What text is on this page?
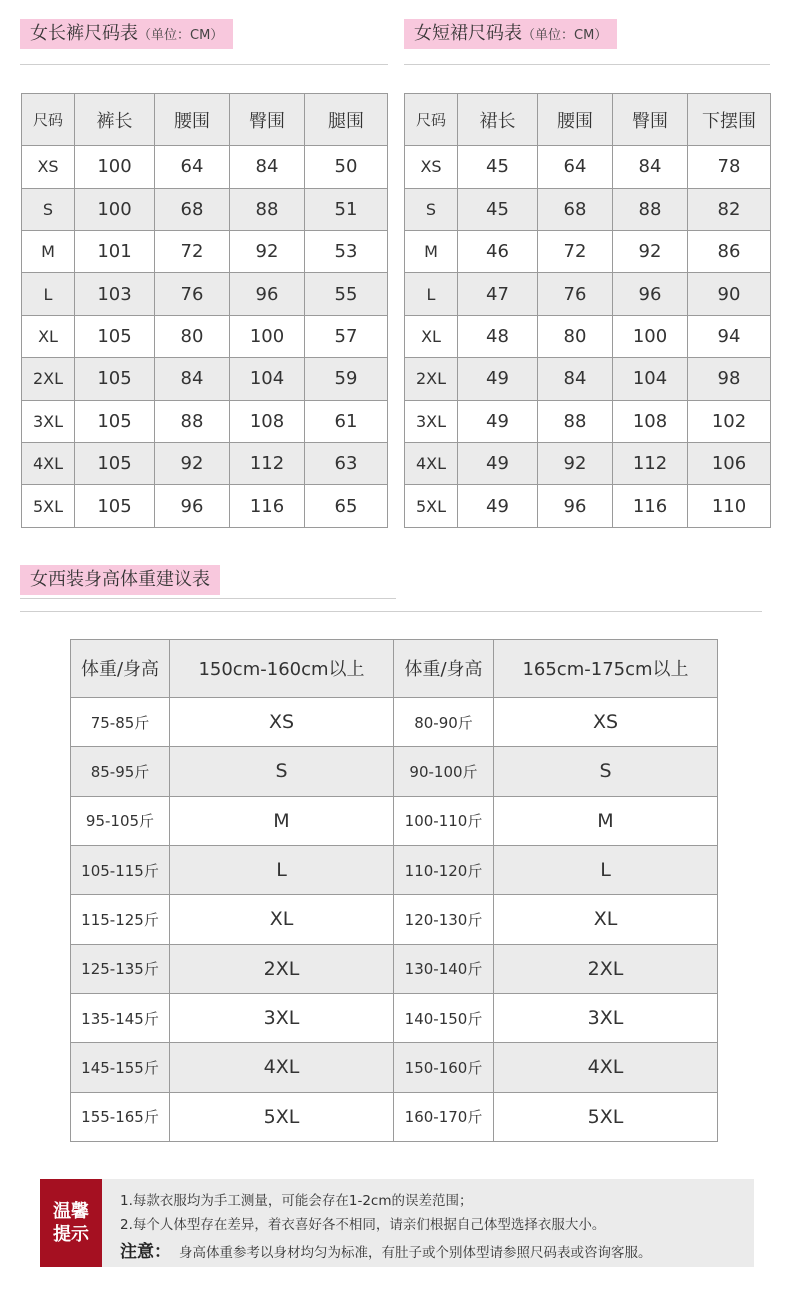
女长裤尺码表（单位：CM）	女短裙尺码表（单位：CM）
尺码	裤长	腰围	臀围	腿围
XS	100	64	84	50
S	100	68	88	51
M	101	72	92	53
L	103	76	96	55
XL	105	80	100	57
2XL	105	84	104	59
3XL	105	88	108	61
4XL	105	92	112	63
5XL	105	96	116	65
尺码	裙长	腰围	臀围	下摆围
XS	45	64	84	78
S	45	68	88	82
M	46	72	92	86
L	47	76	96	90
XL	48	80	100	94
2XL	49	84	104	98
3XL	49	88	108	102
4XL	49	92	112	106
5XL	49	96	116	110
女西装身高体重建议表
体重/身高	150cm-160cm以上	体重/身高	165cm-175cm以上
75-85斤	XS	80-90斤	XS
85-95斤	S	90-100斤	S
95-105斤	M	100-110斤	M
105-115斤	L	110-120斤	L
115-125斤	XL	120-130斤	XL
125-135斤	2XL	130-140斤	2XL
135-145斤	3XL	140-150斤	3XL
145-155斤	4XL	150-160斤	4XL
155-165斤	5XL	160-170斤	5XL
温馨提示
1.每款衣服均为手工测量，可能会存在1-2cm的误差范围；
2.每个人体型存在差异，着衣喜好各不相同，请亲们根据自己体型选择衣服大小。
注意： 身高体重参考以身材均匀为标准，有肚子或个别体型请参照尺码表或咨询客服。
